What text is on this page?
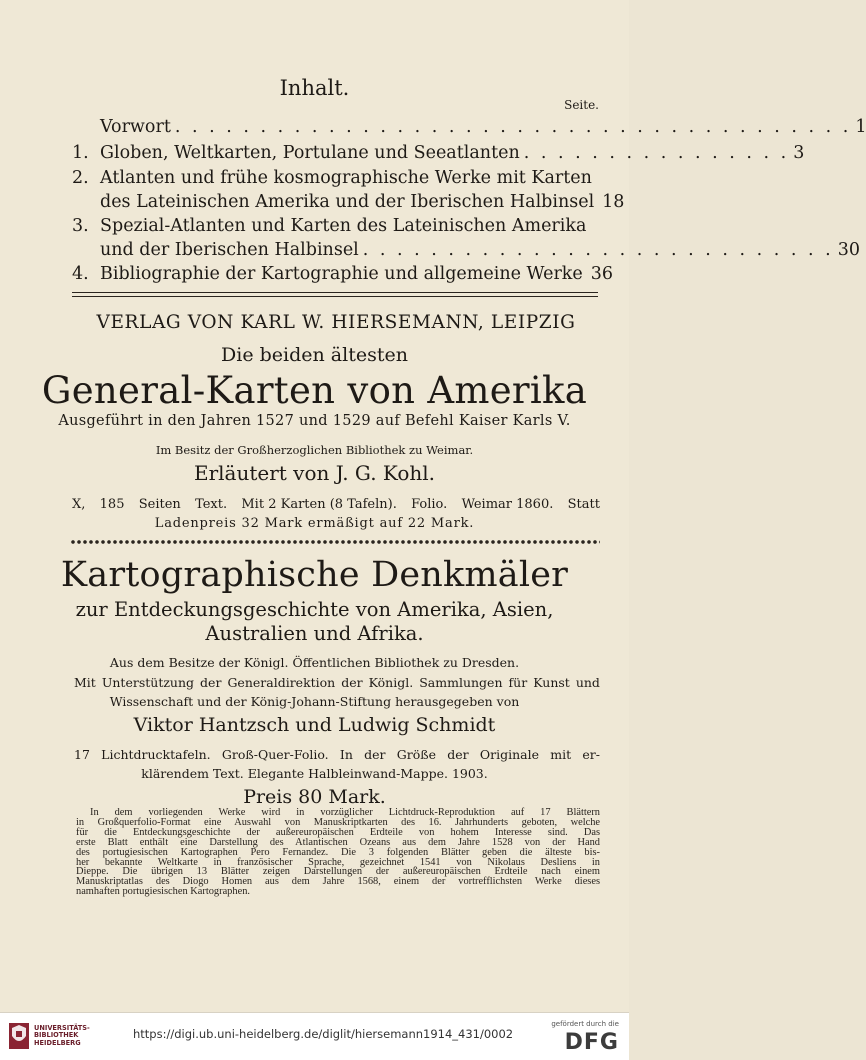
Inhalt.
Seite.
Vorwort . . . . . . . . . . . . . . . . . . . . . . . . . . . . . . . . . . . . . . . . 1
1. Globen, Weltkarten, Portulane und Seeatlanten . . . . . . . . . . . . . . . . 3
2. Atlanten und frühe kosmographische Werke mit Karten
des Lateinischen Amerika und der Iberischen Halbinsel 18
3. Spezial-Atlanten und Karten des Lateinischen Amerika
und der Iberischen Halbinsel . . . . . . . . . . . . . . . . . . . . . . . . . . . . 30
4. Bibliographie der Kartographie und allgemeine Werke 36
VERLAG VON KARL W. HIERSEMANN, LEIPZIG
Die beiden ältesten
General-Karten von Amerika
Ausgeführt in den Jahren 1527 und 1529 auf Befehl Kaiser Karls V.
Im Besitz der Großherzoglichen Bibliothek zu Weimar.
Erläutert von J. G. Kohl.
X, 185 Seiten Text. Mit 2 Karten (8 Tafeln). Folio. Weimar 1860. Statt
Ladenpreis 32 Mark ermäßigt auf 22 Mark.
Kartographische Denkmäler
zur Entdeckungsgeschichte von Amerika, Asien,
Australien und Afrika.
Aus dem Besitze der Königl. Öffentlichen Bibliothek zu Dresden.
Mit Unterstützung der Generaldirektion der Königl. Sammlungen für Kunst und
Wissenschaft und der König-Johann-Stiftung herausgegeben von
Viktor Hantzsch und Ludwig Schmidt
17 Lichtdrucktafeln. Groß-Quer-Folio. In der Größe der Originale mit er-
klärendem Text. Elegante Halbleinwand-Mappe. 1903.
Preis 80 Mark.
In dem vorliegenden Werke wird in vorzüglicher Lichtdruck-Reproduktion auf 17 Blättern
in Großquerfolio-Format eine Auswahl von Manuskriptkarten des 16. Jahrhunderts geboten, welche
für die Entdeckungsgeschichte der außereuropäischen Erdteile von hohem Interesse sind. Das
erste Blatt enthält eine Darstellung des Atlantischen Ozeans aus dem Jahre 1528 von der Hand
des portugiesischen Kartographen Pero Fernandez. Die 3 folgenden Blätter geben die älteste bis-
her bekannte Weltkarte in französischer Sprache, gezeichnet 1541 von Nikolaus Desliens in
Dieppe. Die übrigen 13 Blätter zeigen Darstellungen der außereuropäischen Erdteile nach einem
Manuskriptatlas des Diogo Homen aus dem Jahre 1568, einem der vortrefflichsten Werke dieses
namhaften portugiesischen Kartographen.
UNIVERSITÄTS-
BIBLIOTHEK
HEIDELBERG
https://digi.ub.uni-heidelberg.de/diglit/hiersemann1914_431/0002
gefördert durch die
DFG
